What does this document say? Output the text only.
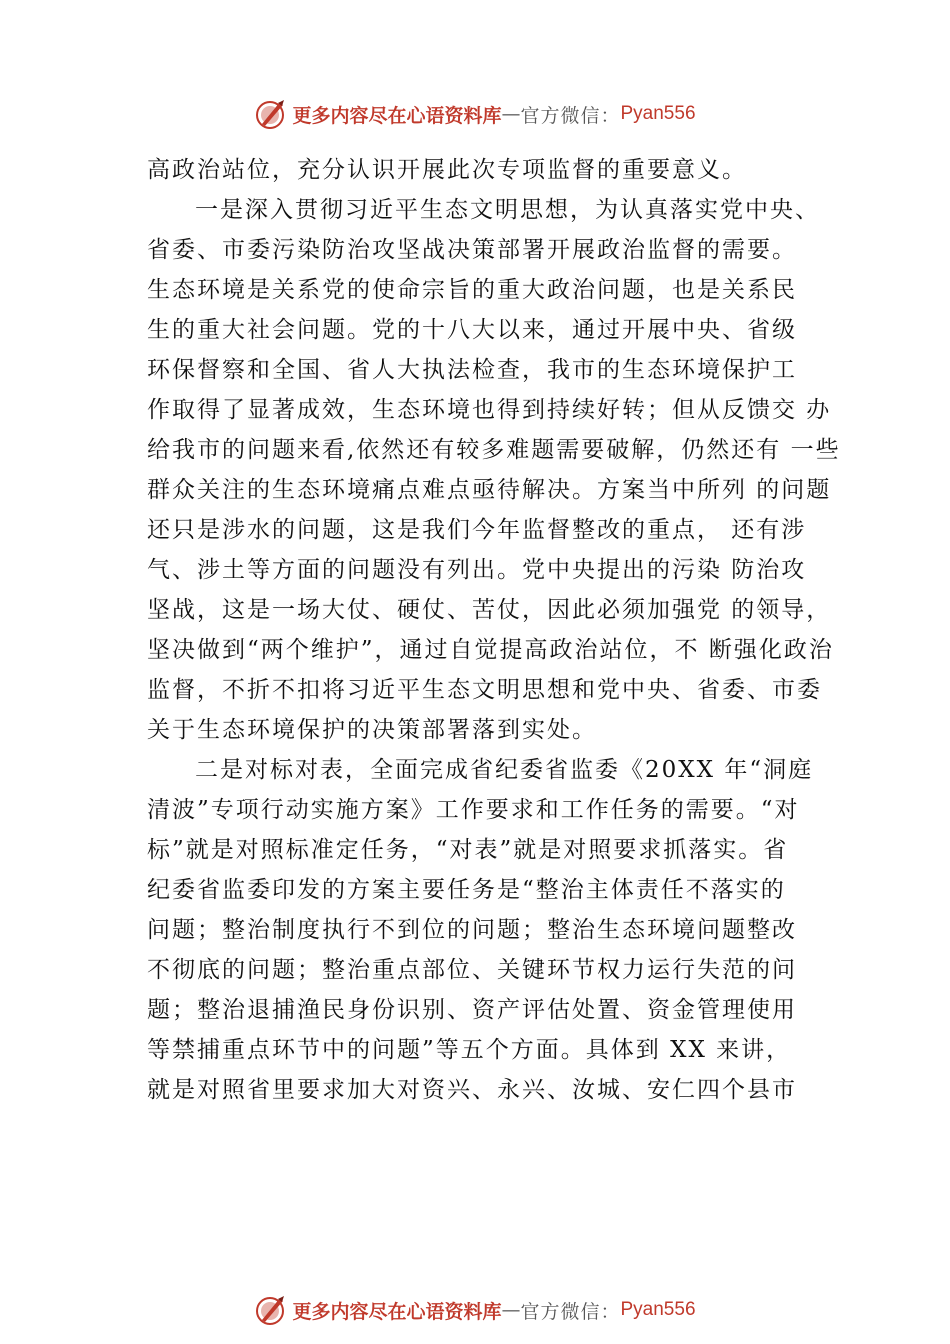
更多内容尽在心语资料库 — 官方微信： Pyan556
高政治站位，充分认识开展此次专项监督的重要意义。
一是深入贯彻习近平生态文明思想，为认真落实党中央、
省委、市委污染防治攻坚战决策部署开展政治监督的需要。
生态环境是关系党的使命宗旨的重大政治问题，也是关系民
生的重大社会问题。党的十八大以来，通过开展中央、省级
环保督察和全国、省人大执法检查，我市的生态环境保护工
作取得了显著成效，生态环境也得到持续好转；但从反馈交 办
给我市的问题来看,依然还有较多难题需要破解，仍然还有 一些
群众关注的生态环境痛点难点亟待解决。方案当中所列 的问题
还只是涉水的问题，这是我们今年监督整改的重点， 还有涉
气、涉土等方面的问题没有列出。党中央提出的污染 防治攻
坚战，这是一场大仗、硬仗、苦仗，因此必须加强党 的领导，
坚决做到“两个维护”，通过自觉提高政治站位，不 断强化政治
监督，不折不扣将习近平生态文明思想和党中央、省委、市委
关于生态环境保护的决策部署落到实处。
二是对标对表，全面完成省纪委省监委《20XX 年“洞庭
清波”专项行动实施方案》工作要求和工作任务的需要。“对
标”就是对照标准定任务，“对表”就是对照要求抓落实。省
纪委省监委印发的方案主要任务是“整治主体责任不落实的
问题；整治制度执行不到位的问题；整治生态环境问题整改
不彻底的问题；整治重点部位、关键环节权力运行失范的问
题；整治退捕渔民身份识别、资产评估处置、资金管理使用
等禁捕重点环节中的问题”等五个方面。具体到 XX 来讲，
就是对照省里要求加大对资兴、永兴、汝城、安仁四个县市
更多内容尽在心语资料库 — 官方微信： Pyan556
